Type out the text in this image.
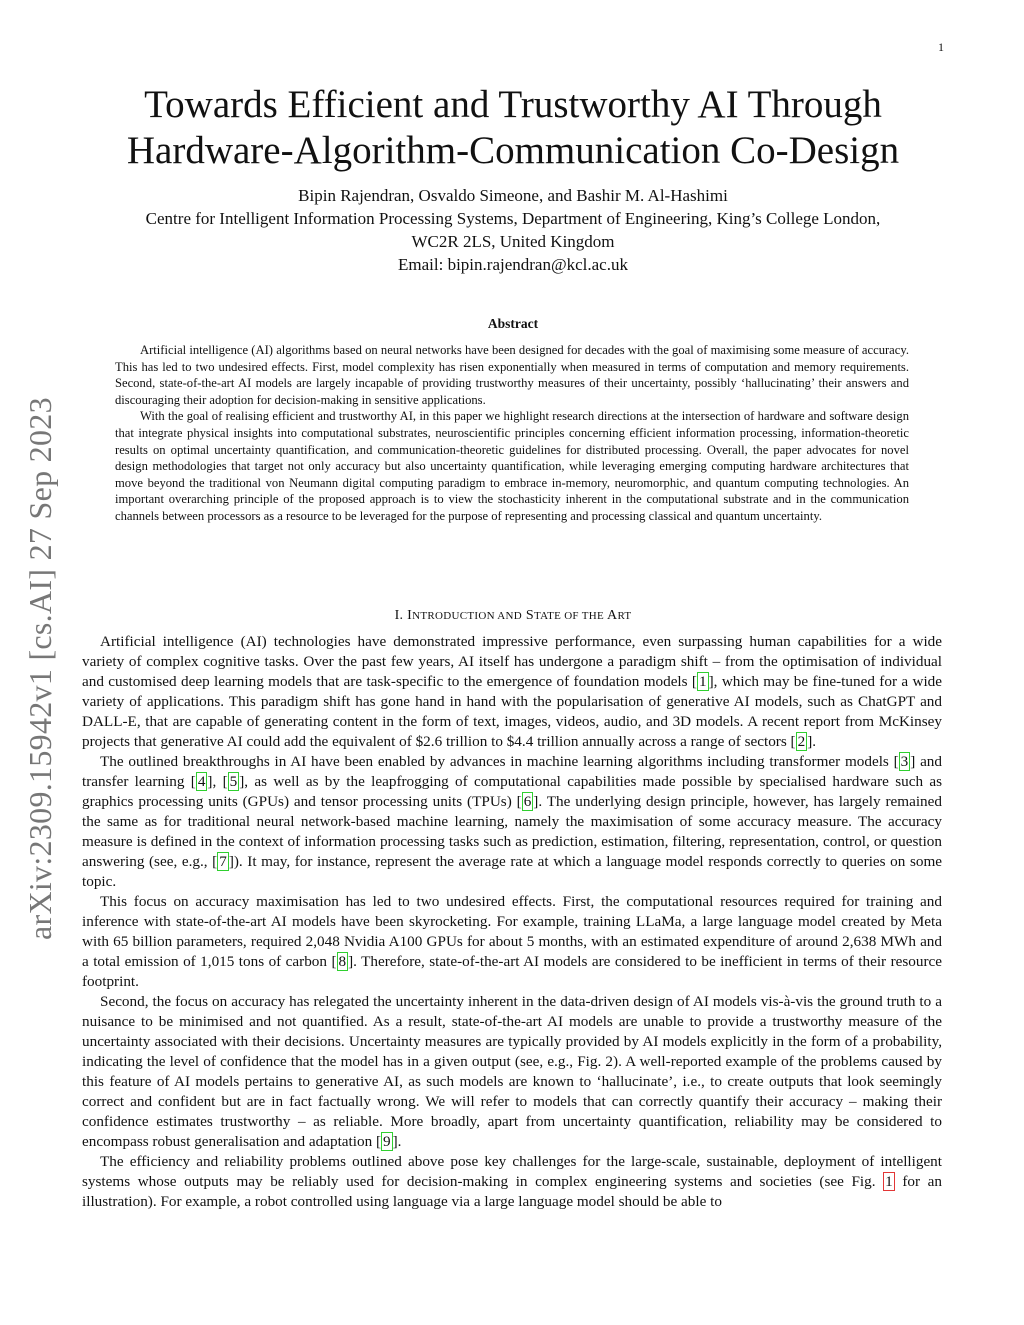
1
arXiv:2309.15942v1 [cs.AI] 27 Sep 2023
Towards Efficient and Trustworthy AI Through
Hardware-Algorithm-Communication Co-Design
Bipin Rajendran, Osvaldo Simeone, and Bashir M. Al-Hashimi
Centre for Intelligent Information Processing Systems, Department of Engineering, King’s College London,
WC2R 2LS, United Kingdom
Email: bipin.rajendran@kcl.ac.uk
Abstract

Artificial intelligence (AI) algorithms based on neural networks have been designed for decades with the goal of maximising some measure of accuracy. This has led to two undesired effects. First, model complexity has risen exponentially when measured in terms of computation and memory requirements. Second, state-of-the-art AI models are largely incapable of providing trustworthy measures of their uncertainty, possibly ‘hallucinating’ their answers and discouraging their adoption for decision-making in sensitive applications.

With the goal of realising efficient and trustworthy AI, in this paper we highlight research directions at the intersection of hardware and software design that integrate physical insights into computational substrates, neuroscientific principles concerning efficient information processing, information-theoretic results on optimal uncertainty quantification, and communication-theoretic guidelines for distributed processing. Overall, the paper advocates for novel design methodologies that target not only accuracy but also uncertainty quantification, while leveraging emerging computing hardware architectures that move beyond the traditional von Neumann digital computing paradigm to embrace in-memory, neuromorphic, and quantum computing technologies. An important overarching principle of the proposed approach is to view the stochasticity inherent in the computational substrate and in the communication channels between processors as a resource to be leveraged for the purpose of representing and processing classical and quantum uncertainty.

I. INTRODUCTION AND STATE OF THE ART

Artificial intelligence (AI) technologies have demonstrated impressive performance, even surpassing human capabilities for a wide variety of complex cognitive tasks. Over the past few years, AI itself has undergone a paradigm shift – from the optimisation of individual and customised deep learning models that are task-specific to the emergence of foundation models [ 1 ], which may be fine-tuned for a wide variety of applications. This paradigm shift has gone hand in hand with the popularisation of generative AI models, such as ChatGPT and DALL-E, that are capable of generating content in the form of text, images, videos, audio, and 3D models. A recent report from McKinsey projects that generative AI could add the equivalent of $2.6 trillion to $4.4 trillion annually across a range of sectors [ 2 ].

The outlined breakthroughs in AI have been enabled by advances in machine learning algorithms including transformer models [ 3 ] and transfer learning [ 4 ], [ 5 ], as well as by the leapfrogging of computational capabilities made possible by specialised hardware such as graphics processing units (GPUs) and tensor processing units (TPUs) [ 6 ]. The underlying design principle, however, has largely remained the same as for traditional neural network-based machine learning, namely the maximisation of some accuracy measure. The accuracy measure is defined in the context of information processing tasks such as prediction, estimation, filtering, representation, control, or question answering (see, e.g., [ 7 ]). It may, for instance, represent the average rate at which a language model responds correctly to queries on some topic.

This focus on accuracy maximisation has led to two undesired effects. First, the computational resources required for training and inference with state-of-the-art AI models have been skyrocketing. For example, training LLaMa, a large language model created by Meta with 65 billion parameters, required 2,048 Nvidia A100 GPUs for about 5 months, with an estimated expenditure of around 2,638 MWh and a total emission of 1,015 tons of carbon [ 8 ]. Therefore, state-of-the-art AI models are considered to be inefficient in terms of their resource footprint.

Second, the focus on accuracy has relegated the uncertainty inherent in the data-driven design of AI models vis-à-vis the ground truth to a nuisance to be minimised and not quantified. As a result, state-of-the-art AI models are unable to provide a trustworthy measure of the uncertainty associated with their decisions. Uncertainty measures are typically provided by AI models explicitly in the form of a probability, indicating the level of confidence that the model has in a given output (see, e.g., Fig. 2). A well-reported example of the problems caused by this feature of AI models pertains to generative AI, as such models are known to ‘hallucinate’, i.e., to create outputs that look seemingly correct and confident but are in fact factually wrong. We will refer to models that can correctly quantify their accuracy – making their confidence estimates trustworthy – as reliable. More broadly, apart from uncertainty quantification, reliability may be considered to encompass robust generalisation and adaptation [ 9 ].

The efficiency and reliability problems outlined above pose key challenges for the large-scale, sustainable, deployment of intelligent systems whose outputs may be reliably used for decision-making in complex engineering systems and societies (see Fig. 1 for an illustration). For example, a robot controlled using language via a large language model should be able to
